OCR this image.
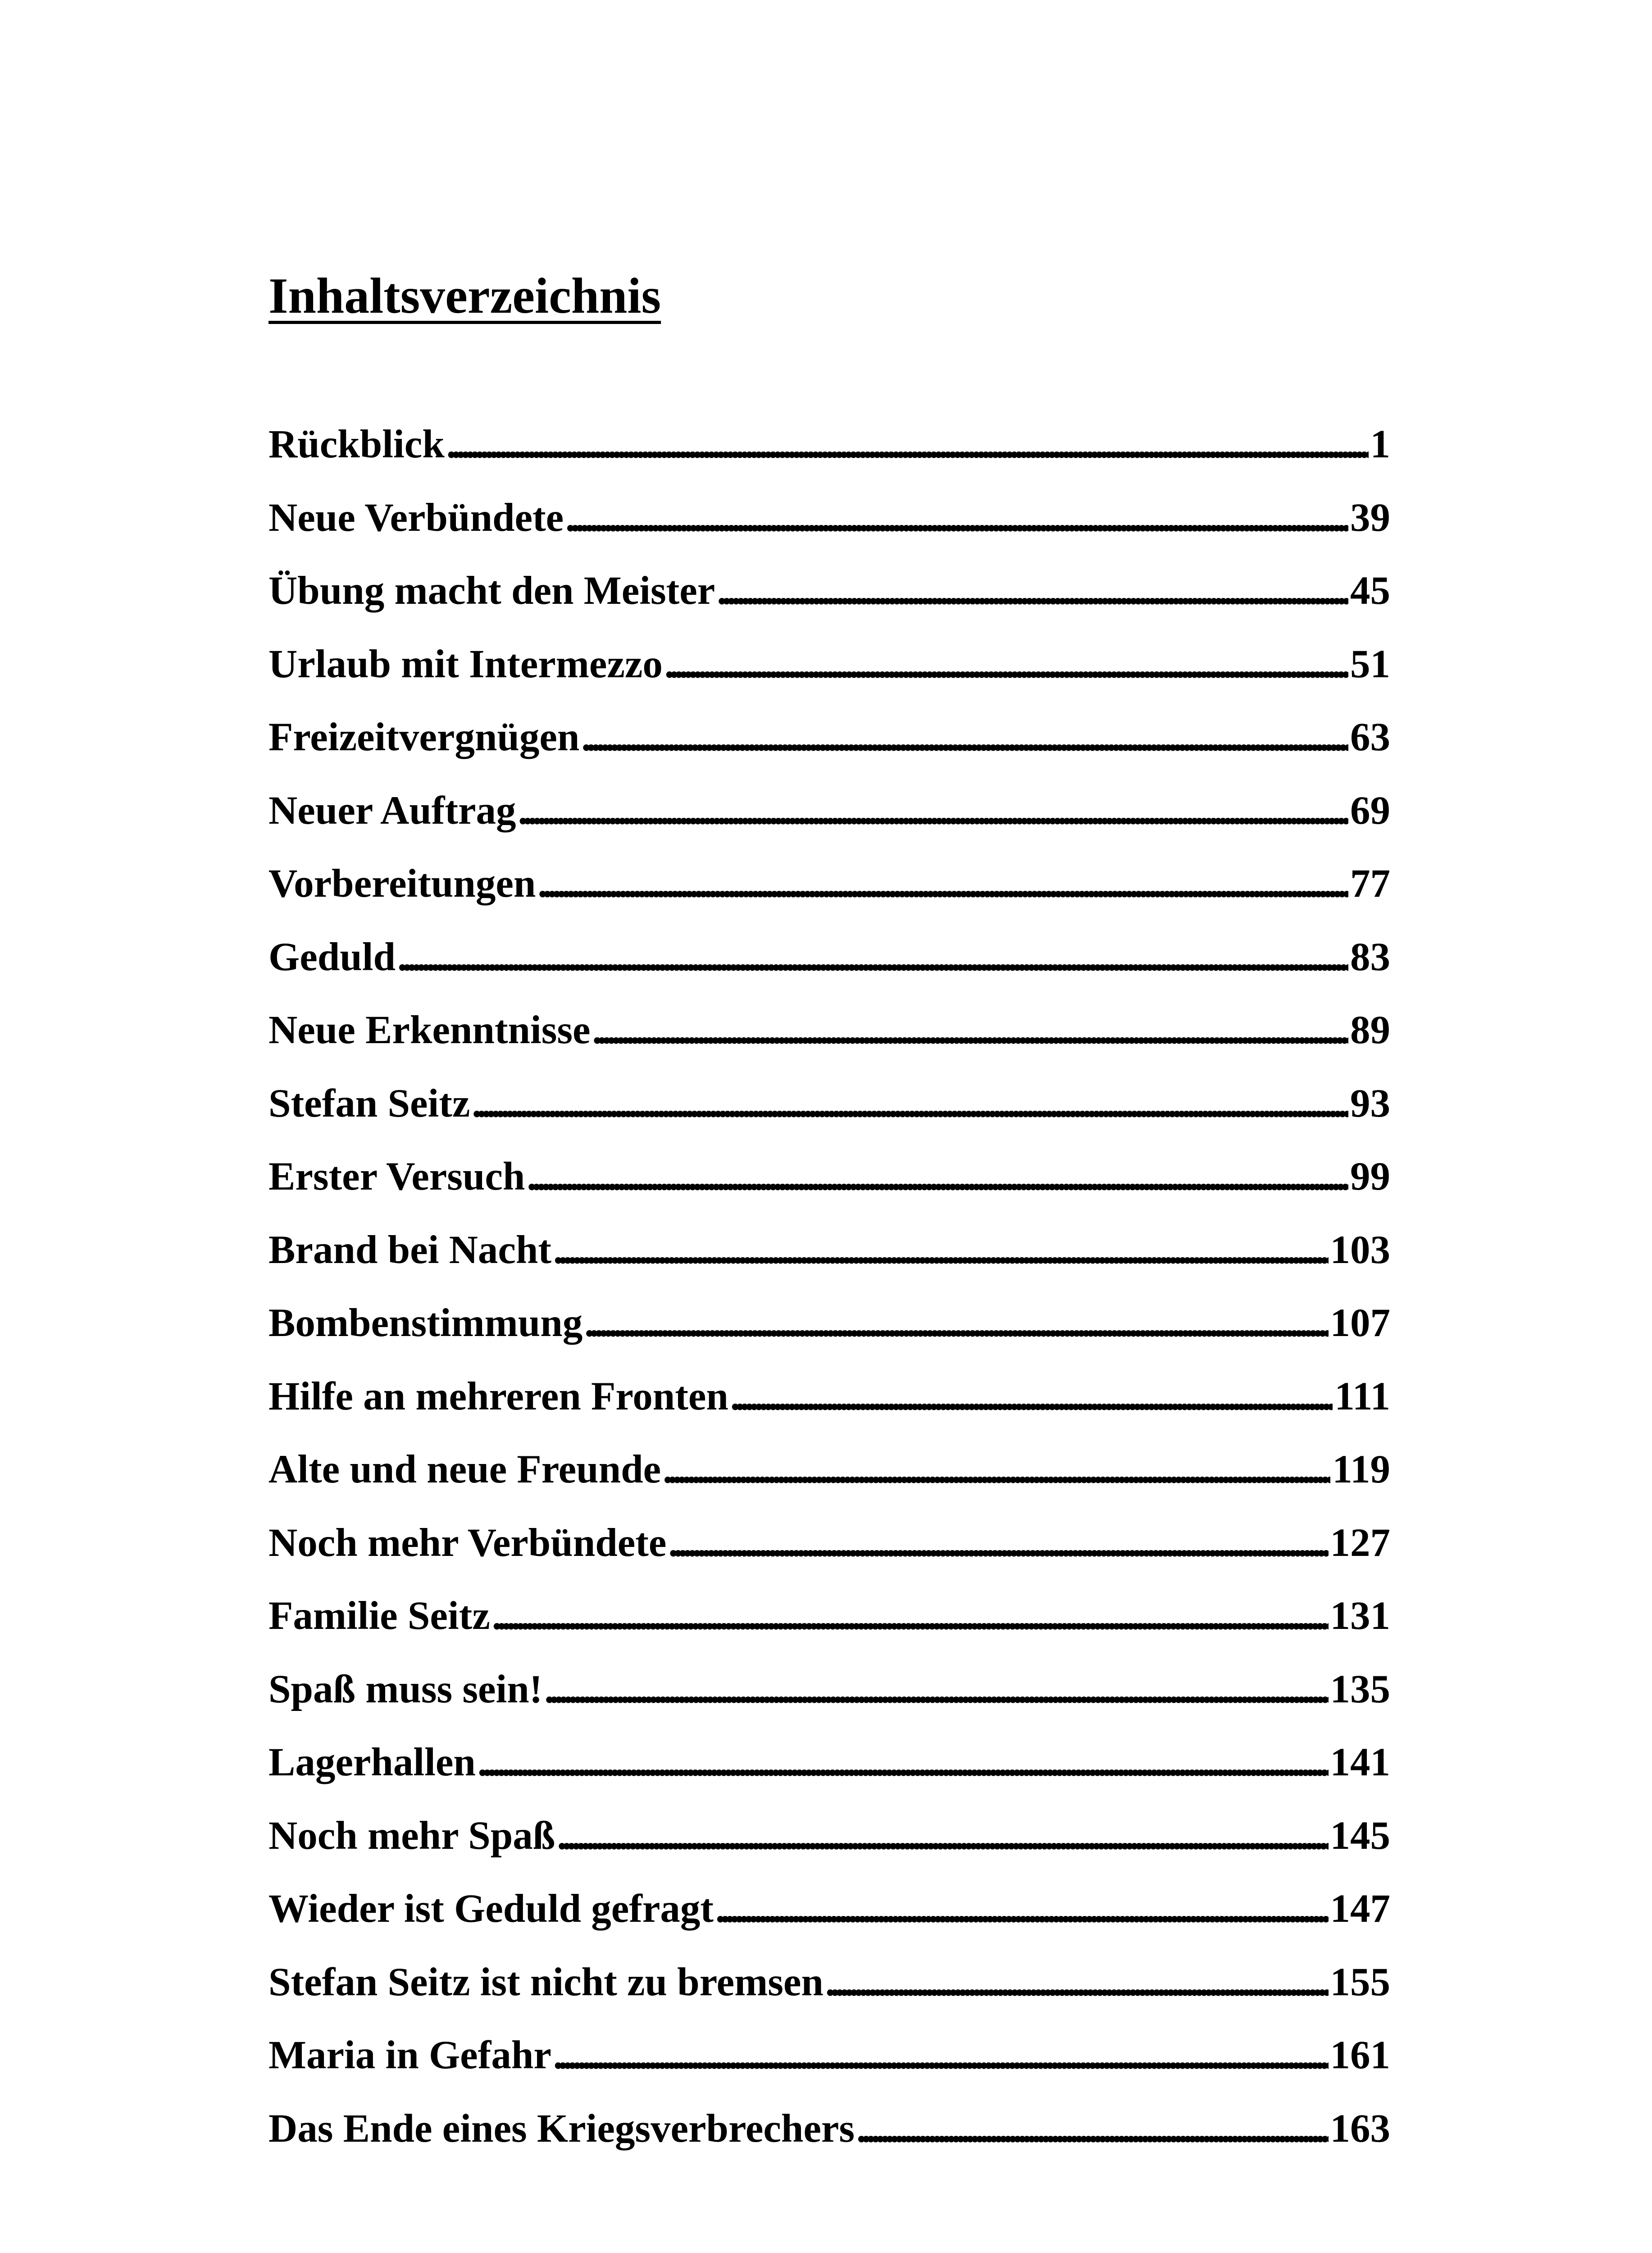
Inhaltsverzeichnis
Rückblick . . .	1
Neue Verbündete . . .	39
Übung macht den Meister . . .	45
Urlaub mit Intermezzo . . .	51
Freizeitvergnügen . . .	63
Neuer Auftrag . . .	69
Vorbereitungen . . .	77
Geduld . . .	83
Neue Erkenntnisse . . .	89
Stefan Seitz . . .	93
Erster Versuch . . .	99
Brand bei Nacht . . .	103
Bombenstimmung . . .	107
Hilfe an mehreren Fronten . . .	111
Alte und neue Freunde . . .	119
Noch mehr Verbündete . . .	127
Familie Seitz . . .	131
Spaß muss sein! . . .	135
Lagerhallen . . .	141
Noch mehr Spaß . . .	145
Wieder ist Geduld gefragt . . .	147
Stefan Seitz ist nicht zu bremsen . . .	155
Maria in Gefahr . . .	161
Das Ende eines Kriegsverbrechers . . .	163
